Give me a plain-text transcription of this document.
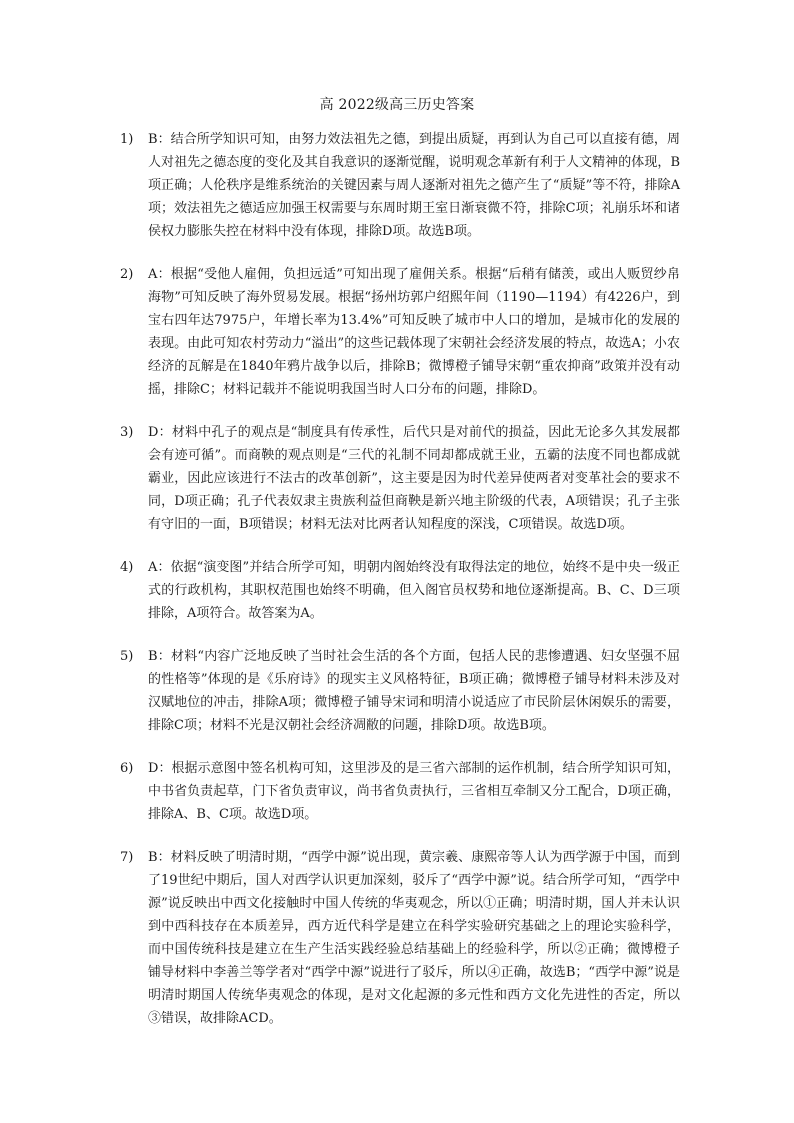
高 2022级高三历史答案
1) B：结合所学知识可知，由努力效法祖先之德，到提出质疑，再到认为自己可以直接有德，周人对祖先之德态度的变化及其自我意识的逐渐觉醒，说明观念革新有利于人文精神的体现，B项正确；人伦秩序是维系统治的关键因素与周人逐渐对祖先之德产生了“质疑”等不符，排除A项；效法祖先之德适应加强王权需要与东周时期王室日渐衰微不符，排除C项；礼崩乐坏和诸侯权力膨胀失控在材料中没有体现，排除D项。故选B项。
2) A：根据“受他人雇佣，负担远适”可知出现了雇佣关系。根据“后稍有储羡，或出人贩贸纱帛海物”可知反映了海外贸易发展。根据“扬州坊郭户绍熙年间（1190—1194）有4226户，到宝右四年达7975户，年增长率为13.4%”可知反映了城市中人口的增加，是城市化的发展的表现。由此可知农村劳动力“溢出”的这些记载体现了宋朝社会经济发展的特点，故选A；小农经济的瓦解是在1840年鸦片战争以后，排除B；微博橙子铺导宋朝“重农抑商”政策并没有动摇，排除C；材料记载并不能说明我国当时人口分布的问题，排除D。
3) D：材料中孔子的观点是“制度具有传承性，后代只是对前代的损益，因此无论多久其发展都会有迹可循”。而商鞅的观点则是“三代的礼制不同却都成就王业，五霸的法度不同也都成就霸业，因此应该进行不法古的改革创新”，这主要是因为时代差异使两者对变革社会的要求不同，D项正确；孔子代表奴隶主贵族利益但商鞅是新兴地主阶级的代表，A项错误；孔子主张有守旧的一面，B项错误；材料无法对比两者认知程度的深浅，C项错误。故选D项。
4) A：依据“演变图”并结合所学可知，明朝内阁始终没有取得法定的地位，始终不是中央一级正式的行政机构，其职权范围也始终不明确，但入阁官员权势和地位逐渐提高。B、C、D三项排除，A项符合。故答案为A。
5) B：材料“内容广泛地反映了当时社会生活的各个方面，包括人民的悲惨遭遇、妇女坚强不屈的性格等”体现的是《乐府诗》的现实主义风格特征，B项正确；微博橙子铺导材料未涉及对汉赋地位的冲击，排除A项；微博橙子铺导宋词和明清小说适应了市民阶层休闲娱乐的需要，排除C项；材料不光是汉朝社会经济凋敝的问题，排除D项。故选B项。
6) D：根据示意图中签名机构可知，这里涉及的是三省六部制的运作机制，结合所学知识可知，中书省负责起草，门下省负责审议，尚书省负责执行，三省相互牵制又分工配合，D项正确，排除A、B、C项。故选D项。
7) B：材料反映了明清时期，“西学中源”说出现，黄宗羲、康熙帝等人认为西学源于中国，而到了19世纪中期后，国人对西学认识更加深刻，驳斥了“西学中源”说。结合所学可知，“西学中源”说反映出中西文化接触时中国人传统的华夷观念，所以①正确；明清时期，国人并未认识到中西科技存在本质差异，西方近代科学是建立在科学实验研究基础之上的理论实验科学，而中国传统科技是建立在生产生活实践经验总结基础上的经验科学，所以②正确；微博橙子铺导材料中李善兰等学者对“西学中源”说进行了驳斥，所以④正确，故选B；“西学中源”说是明清时期国人传统华夷观念的体现，是对文化起源的多元性和西方文化先进性的否定，所以③错误，故排除ACD。
